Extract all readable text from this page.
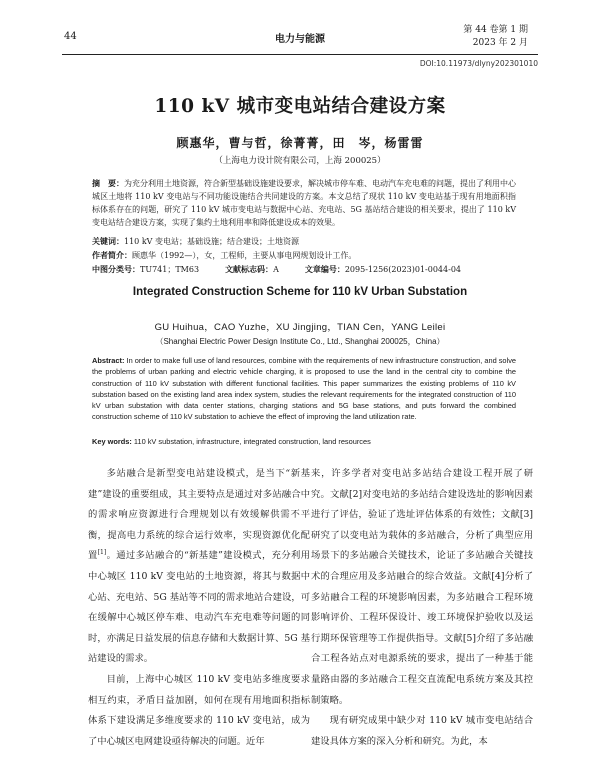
44	电力与能源
第 44 卷第 1 期
2023 年 2 月
DOI:10.11973/dlyny202301010
110 kV 城市变电站结合建设方案
顾惠华，曹与哲，徐菁菁，田　岑，杨雷雷
（上海电力设计院有限公司，上海 200025）
摘　要：为充分利用土地资源，符合新型基础设施建设要求，解决城市停车难、电动汽车充电难的问题，提出了利用中心城区土地将 110 kV 变电站与不同功能设施结合共同建设的方案。本文总结了现状 110 kV 变电站基于现有用地面积指标体系存在的问题，研究了 110 kV 城市变电站与数据中心站、充电站、5G 基站结合建设的相关要求，提出了 110 kV 变电站结合建设方案，实现了集约土地利用率和降低建设成本的效果。
关键词：110 kV 变电站；基础设施；结合建设；土地资源
作者简介：顾惠华（1992—），女，工程师，主要从事电网规划设计工作。
中图分类号：TU741；TM63	文献标志码：A	文章编号：2095-1256(2023)01-0044-04
Integrated Construction Scheme for 110 kV Urban Substation
GU Huihua，CAO Yuzhe，XU Jingjing，TIAN Cen，YANG Leilei
（Shanghai Electric Power Design Institute Co., Ltd., Shanghai 200025，China）
Abstract: In order to make full use of land resources, combine with the requirements of new infrastructure construction, and solve the problems of urban parking and electric vehicle charging, it is proposed to use the land in the central city to combine the construction of 110 kV substation with different functional facilities. This paper summarizes the existing problems of 110 kV substation based on the existing land area index system, studies the relevant requirements for the integrated construction of 110 kV urban substation with data center stations, charging stations and 5G base stations, and puts forward the combined construction scheme of 110 kV substation to achieve the effect of improving the land utilization rate.
Key words: 110 kV substation, infrastructure, integrated construction, land resources

多站融合是新型变电站建设模式，是当下“新基建”建设的重要组成，其主要特点是通过对多站融合中的需求响应资源进行合理规划以有效缓解供需不平衡，提高电力系统的综合运行效率，实现资源优化配置[1]。通过多站融合的“新基建”建设模式，充分利用中心城区 110 kV 变电站的土地资源，将其与数据中心站、充电站、5G 基站等不同的需求地站合建设，可在缓解中心城区停车难、电动汽车充电难等问题的同时，亦满足日益发展的信息存储和大数据计算、5G 基站建设的需求。

目前，上海中心城区 110 kV 变电站多维度要求相互约束，矛盾日益加剧，如何在现有用地面积指标体系下建设满足多维度要求的 110 kV 变电站，成为了中心城区电网建设亟待解决的问题。近年

来，许多学者对变电站多站结合建设工程开展了研究。文献[2]对变电站的多站结合建设选址的影响因素进行了评估，验证了选址评估体系的有效性；文献[3]研究了以变电站为载体的多站融合，分析了典型应用场景下的多站融合关键技术，论证了多站融合关键技术的合理应用及多站融合的综合效益。文献[4]分析了多站融合工程的环境影响因素，为多站融合工程环境影响评价、工程环保设计、竣工环境保护验收以及运行期环保管理等工作提供指导。文献[5]介绍了多站融合工程各站点对电源系统的要求，提出了一种基于能量路由器的多站融合工程交直流配电系统方案及其控制策略。

现有研究成果中缺少对 110 kV 城市变电站结合建设具体方案的深入分析和研究。为此，本
